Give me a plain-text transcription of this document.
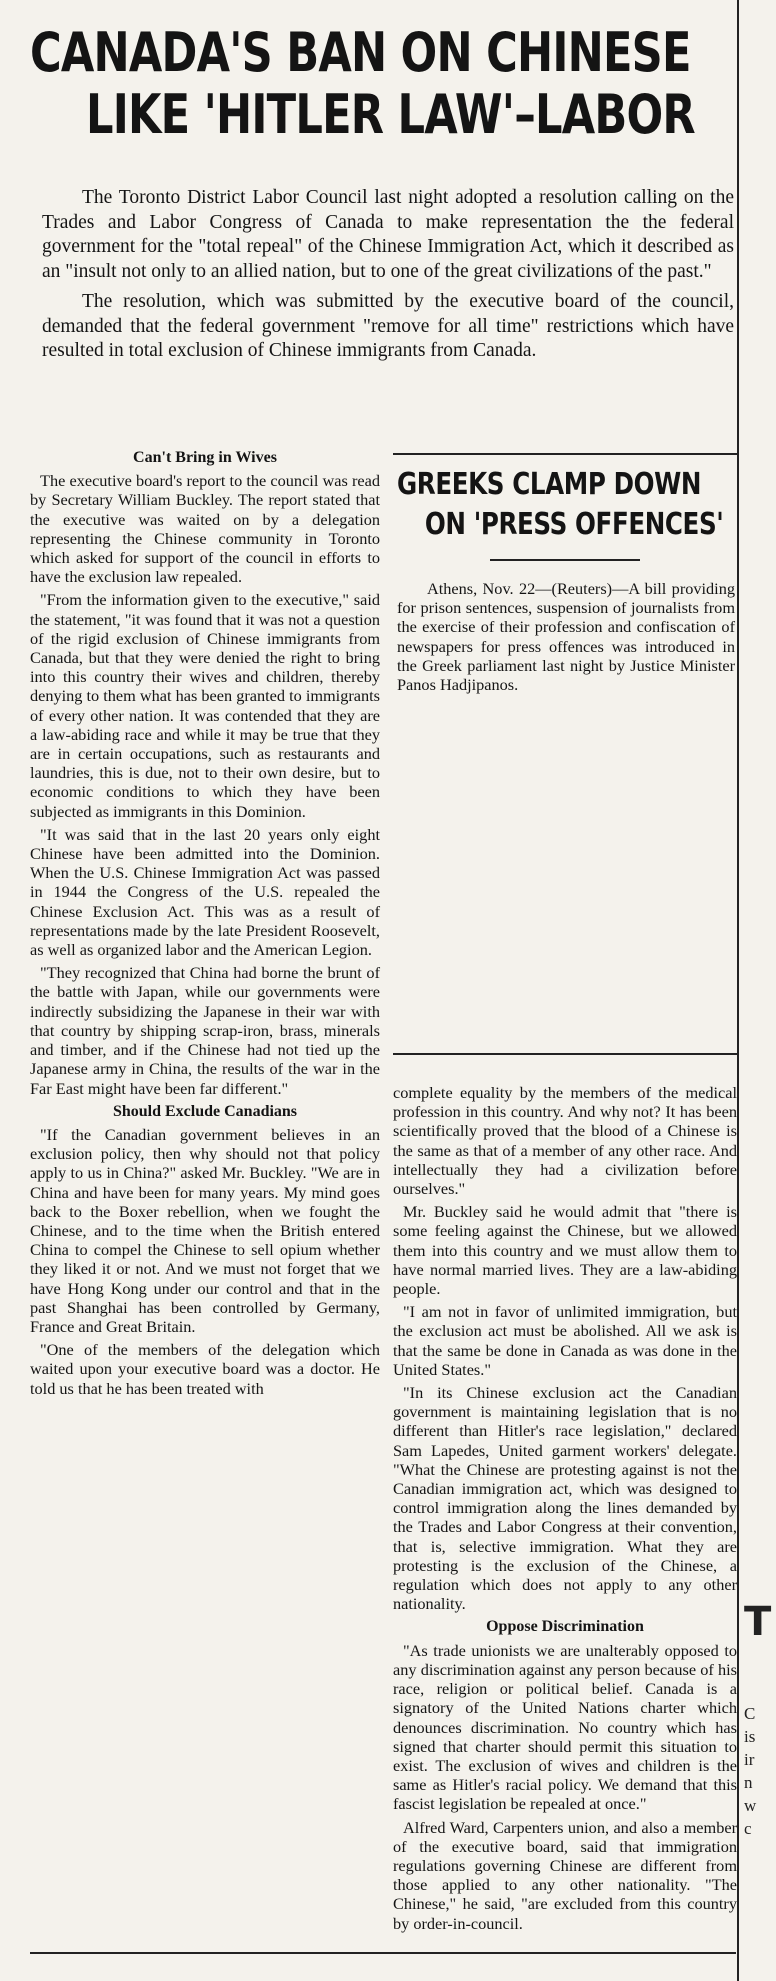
CANADA'S BAN ON CHINESE
LIKE 'HITLER LAW'–LABOR

The Toronto District Labor Council last night adopted a resolution calling on the Trades and Labor Congress of Canada to make representation the the federal government for the "total repeal" of the Chinese Immigration Act, which it described as an "insult not only to an allied nation, but to one of the great civilizations of the past."

The resolution, which was submitted by the executive board of the council, demanded that the federal government "remove for all time" restrictions which have resulted in total exclusion of Chinese immigrants from Canada.

Can't Bring in Wives

The executive board's report to the council was read by Secretary William Buckley. The report stated that the executive was waited on by a delegation representing the Chinese community in Toronto which asked for support of the council in efforts to have the exclusion law repealed.

"From the information given to the executive," said the statement, "it was found that it was not a question of the rigid exclusion of Chinese immigrants from Canada, but that they were denied the right to bring into this country their wives and children, thereby denying to them what has been granted to immigrants of every other nation. It was contended that they are a law-abiding race and while it may be true that they are in certain occupations, such as restaurants and laundries, this is due, not to their own desire, but to economic conditions to which they have been subjected as immigrants in this Dominion.

"It was said that in the last 20 years only eight Chinese have been admitted into the Dominion. When the U.S. Chinese Immigration Act was passed in 1944 the Congress of the U.S. repealed the Chinese Exclusion Act. This was as a result of representations made by the late President Roosevelt, as well as organized labor and the American Legion.

"They recognized that China had borne the brunt of the battle with Japan, while our governments were indirectly subsidizing the Japanese in their war with that country by shipping scrap-iron, brass, minerals and timber, and if the Chinese had not tied up the Japanese army in China, the results of the war in the Far East might have been far different."

Should Exclude Canadians

"If the Canadian government believes in an exclusion policy, then why should not that policy apply to us in China?" asked Mr. Buckley. "We are in China and have been for many years. My mind goes back to the Boxer rebellion, when we fought the Chinese, and to the time when the British entered China to compel the Chinese to sell opium whether they liked it or not. And we must not forget that we have Hong Kong under our control and that in the past Shanghai has been controlled by Germany, France and Great Britain.

"One of the members of the delegation which waited upon your executive board was a doctor. He told us that he has been treated with

GREEKS CLAMP DOWN
ON 'PRESS OFFENCES'

Athens, Nov. 22—(Reuters)—A bill providing for prison sentences, suspension of journalists from the exercise of their profession and confiscation of newspapers for press offences was introduced in the Greek parliament last night by Justice Minister Panos Hadjipanos.

complete equality by the members of the medical profession in this country. And why not? It has been scientifically proved that the blood of a Chinese is the same as that of a member of any other race. And intellectually they had a civilization before ourselves."

Mr. Buckley said he would admit that "there is some feeling against the Chinese, but we allowed them into this country and we must allow them to have normal married lives. They are a law-abiding people.

"I am not in favor of unlimited immigration, but the exclusion act must be abolished. All we ask is that the same be done in Canada as was done in the United States."

"In its Chinese exclusion act the Canadian government is maintaining legislation that is no different than Hitler's race legislation," declared Sam Lapedes, United garment workers' delegate. "What the Chinese are protesting against is not the Canadian immigration act, which was designed to control immigration along the lines demanded by the Trades and Labor Congress at their convention, that is, selective immigration. What they are protesting is the exclusion of the Chinese, a regulation which does not apply to any other nationality.

Oppose Discrimination

"As trade unionists we are unalterably opposed to any discrimination against any person because of his race, religion or political belief. Canada is a signatory of the United Nations charter which denounces discrimination. No country which has signed that charter should permit this situation to exist. The exclusion of wives and children is the same as Hitler's racial policy. We demand that this fascist legislation be repealed at once."

Alfred Ward, Carpenters union, and also a member of the executive board, said that immigration regulations governing Chinese are different from those applied to any other nationality. "The Chinese," he said, "are excluded from this country by order-in-council.

T
C
is
ir
n
w
c
